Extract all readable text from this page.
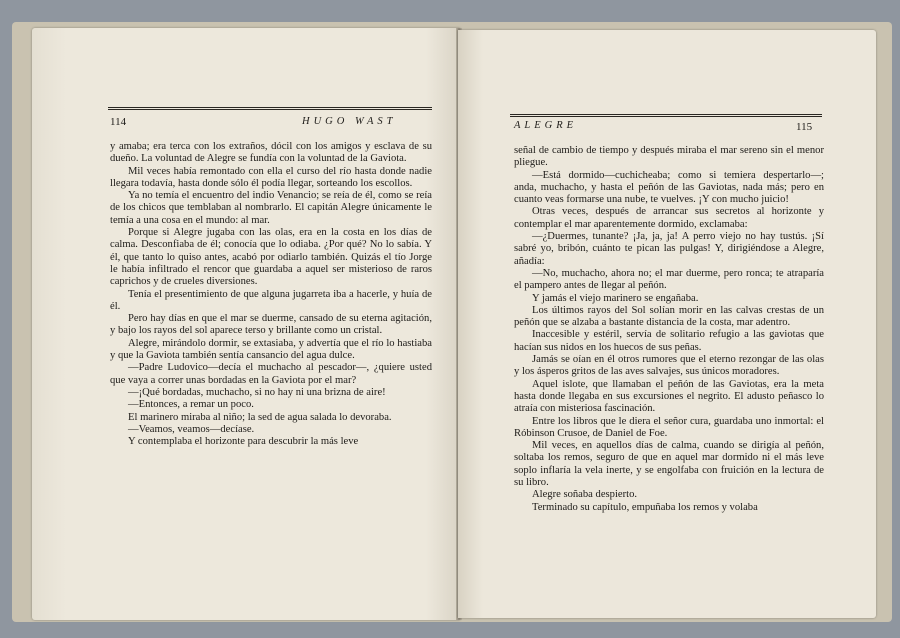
114	HUGO WAST

y amaba; era terca con los extraños, dócil con los amigos y esclava de su dueño. La voluntad de Alegre se fundía con la voluntad de la Gaviota.

Mil veces había remontado con ella el curso del río hasta donde nadie llegara todavía, hasta donde sólo él podía llegar, sorteando los escollos.

Ya no temía el encuentro del indio Venancio; se reía de él, como se reía de los chicos que temblaban al nombrarlo. El capitán Alegre únicamente le temía a una cosa en el mundo: al mar.

Porque si Alegre jugaba con las olas, era en la costa en los días de calma. Desconfiaba de él; conocía que lo odiaba. ¿Por qué? No lo sabía. Y él, que tanto lo quiso antes, acabó por odiarlo también. Quizás el tío Jorge le había infiltrado el rencor que guardaba a aquel ser misterioso de raros caprichos y de crueles diversiones.

Tenía el presentimiento de que alguna jugarreta iba a hacerle, y huía de él.

Pero hay días en que el mar se duerme, cansado de su eterna agitación, y bajo los rayos del sol aparece terso y brillante como un cristal.

Alegre, mirándolo dormir, se extasiaba, y advertía que el río lo hastiaba y que la Gaviota también sentía cansancio del agua dulce.

—Padre Ludovico—decía el muchacho al pescador—, ¿quiere usted que vaya a correr unas bordadas en la Gaviota por el mar?

—¡Qué bordadas, muchacho, si no hay ni una brizna de aire!

—Entonces, a remar un poco.

El marinero miraba al niño; la sed de agua salada lo devoraba.

—Veamos, veamos—decíase.

Y contemplaba el horizonte para descubrir la más leve

ALEGRE	115

señal de cambio de tiempo y después miraba el mar sereno sin el menor pliegue.

—Está dormido—cuchicheaba; como si temiera despertarlo—; anda, muchacho, y hasta el peñón de las Gaviotas, nada más; pero en cuanto veas formarse una nube, te vuelves. ¡Y con mucho juicio!

Otras veces, después de arrancar sus secretos al horizonte y contemplar el mar aparentemente dormido, exclamaba:

—¿Duermes, tunante? ¡Ja, ja, ja! A perro viejo no hay tustús. ¡Sí sabré yo, bribón, cuánto te pican las pulgas! Y, dirigiéndose a Alegre, añadía:

—No, muchacho, ahora no; el mar duerme, pero ronca; te atraparía el pampero antes de llegar al peñón.

Y jamás el viejo marinero se engañaba.

Los últimos rayos del Sol solían morir en las calvas crestas de un peñón que se alzaba a bastante distancia de la costa, mar adentro.

Inaccesible y estéril, servía de solitario refugio a las gaviotas que hacían sus nidos en los huecos de sus peñas.

Jamás se oían en él otros rumores que el eterno rezongar de las olas y los ásperos gritos de las aves salvajes, sus únicos moradores.

Aquel islote, que llamaban el peñón de las Gaviotas, era la meta hasta donde llegaba en sus excursiones el negrito. El adusto peñasco lo atraía con misteriosa fascinación.

Entre los libros que le diera el señor cura, guardaba uno inmortal: el Róbinson Crusoe, de Daniel de Foe.

Mil veces, en aquellos días de calma, cuando se dirigía al peñón, soltaba los remos, seguro de que en aquel mar dormido ni el más leve soplo inflaría la vela inerte, y se engolfaba con fruición en la lectura de su libro.

Alegre soñaba despierto.

Terminado su capítulo, empuñaba los remos y volaba
